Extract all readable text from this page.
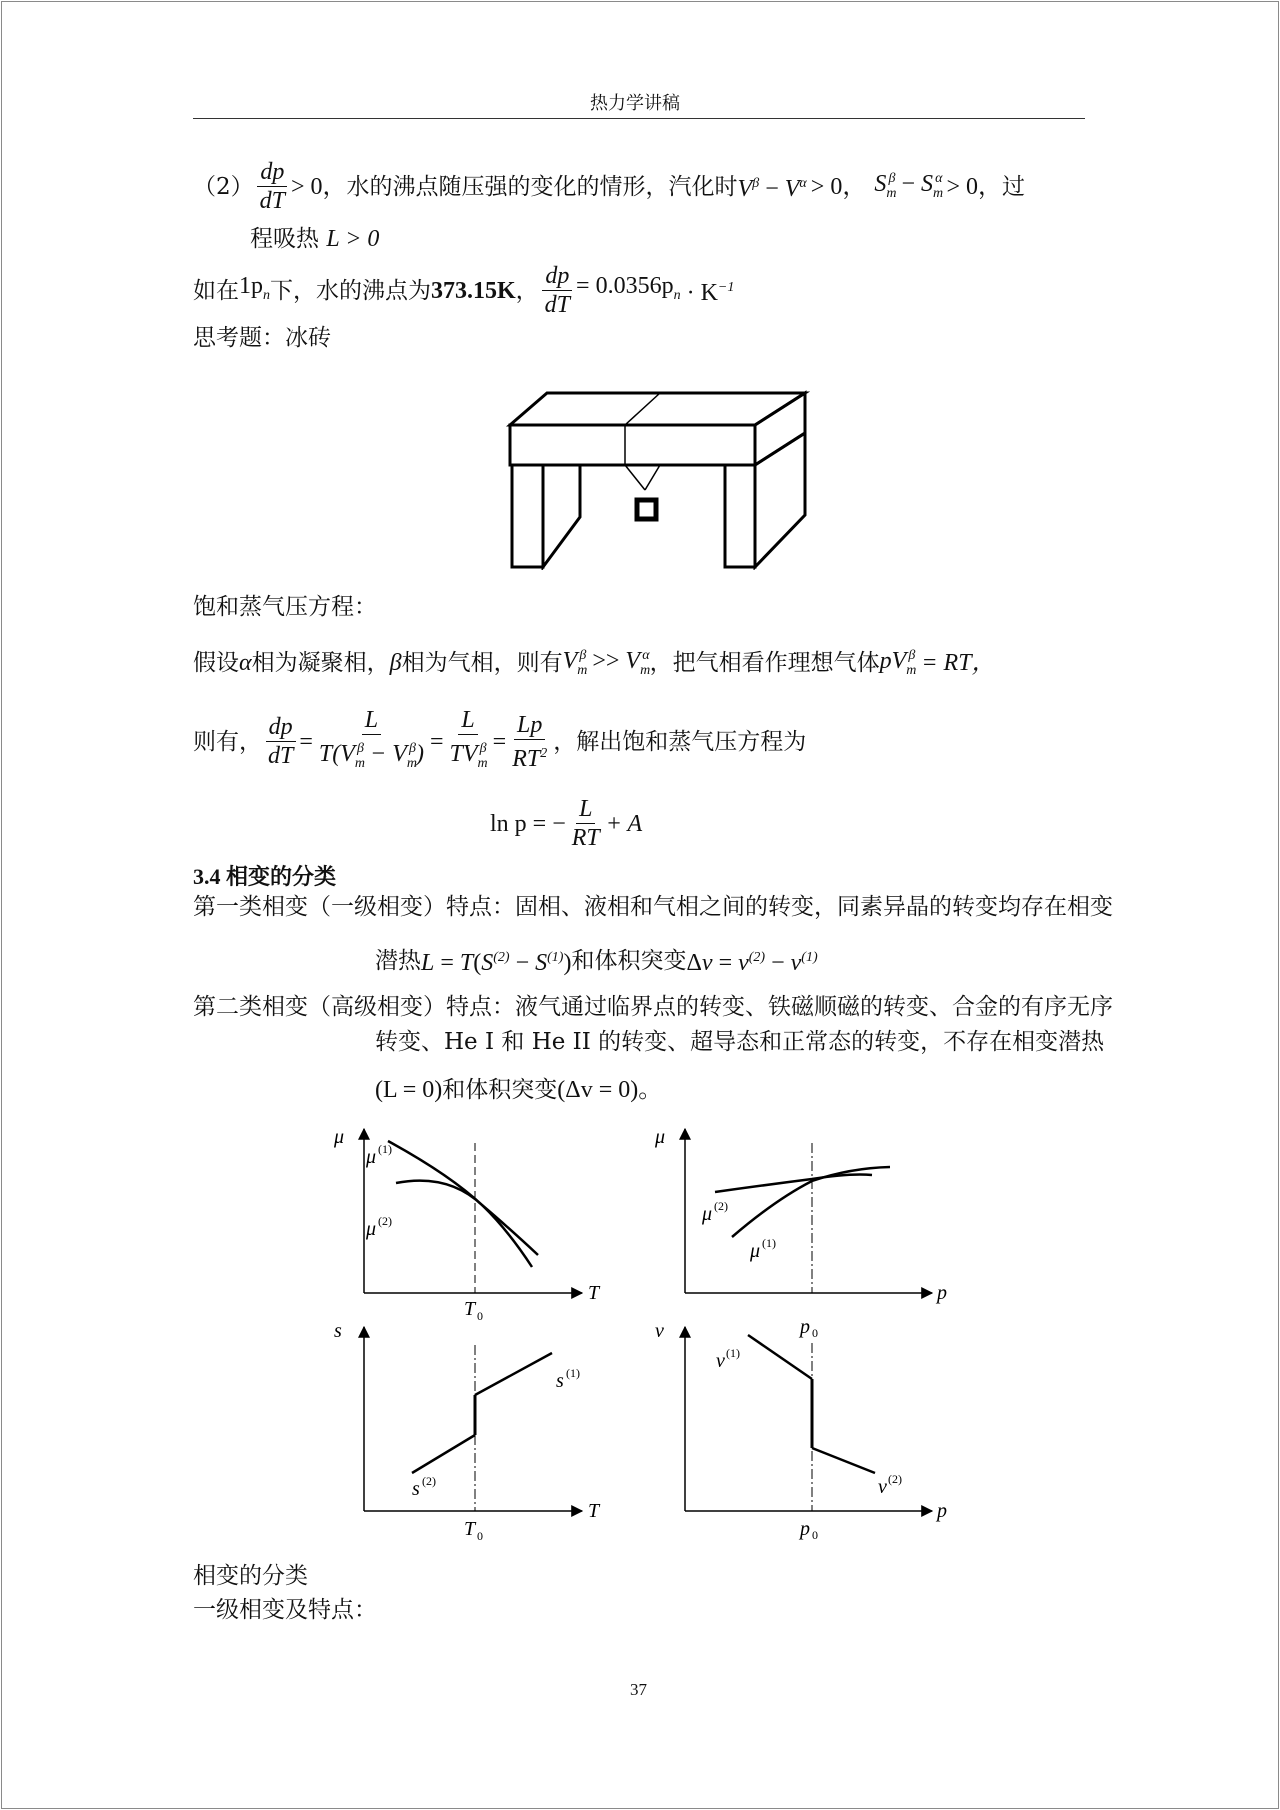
热力学讲稿
$(2) \frac{dp}{dT} > 0$， 水的沸点随压强的变化的情形，汽化时 $V^\beta - V^\alpha > 0$， $S_m^\beta - S_m^\alpha > 0$， 过
程吸热 L > 0
如在 $1p_n$ 下，水的沸点为 373.15K ， $\frac{dp}{dT} = 0.0356p_n \cdot K^{-1}$
思考题：冰砖
饱和蒸气压方程：
假设 α 相为凝聚相， β 相为气相，则有 $V_m^\beta >> V_m^\alpha$ ，把气相看作理想气体 $pV_m^\beta$ = RT，
则有， $\frac{dp}{dT} = \frac{L}{T(V_m^\beta - V_m^\beta)} = \frac{L}{TV_m^\beta} = \frac{Lp}{RT^2}$ ，解出饱和蒸气压方程为
ln p = − $\frac{L}{RT} + A$
3.4 相变的分类
第一类相变（一级相变）特点：固相、液相和气相之间的转变，同素异晶的转变均存在相变
潜热 $L = T(S^{(2)} - S^{(1)})$ 和体积突变 $\Delta v = v^{(2)} - v^{(1)}$
第二类相变（高级相变）特点：液气通过临界点的转变、铁磁顺磁的转变、合金的有序无序
转变、He I 和 He II 的转变、超导态和正常态的转变，不存在相变潜热
(L = 0) 和体积突变 (Δv = 0)。
μ
T
T 0
μ (1)
μ (2)
μ
p
μ (2)
μ (1)
s
T
T 0
s (1)
s (2)
v
p
p 0
p 0
v (1)
v (2)
相变的分类
一级相变及特点：
37
